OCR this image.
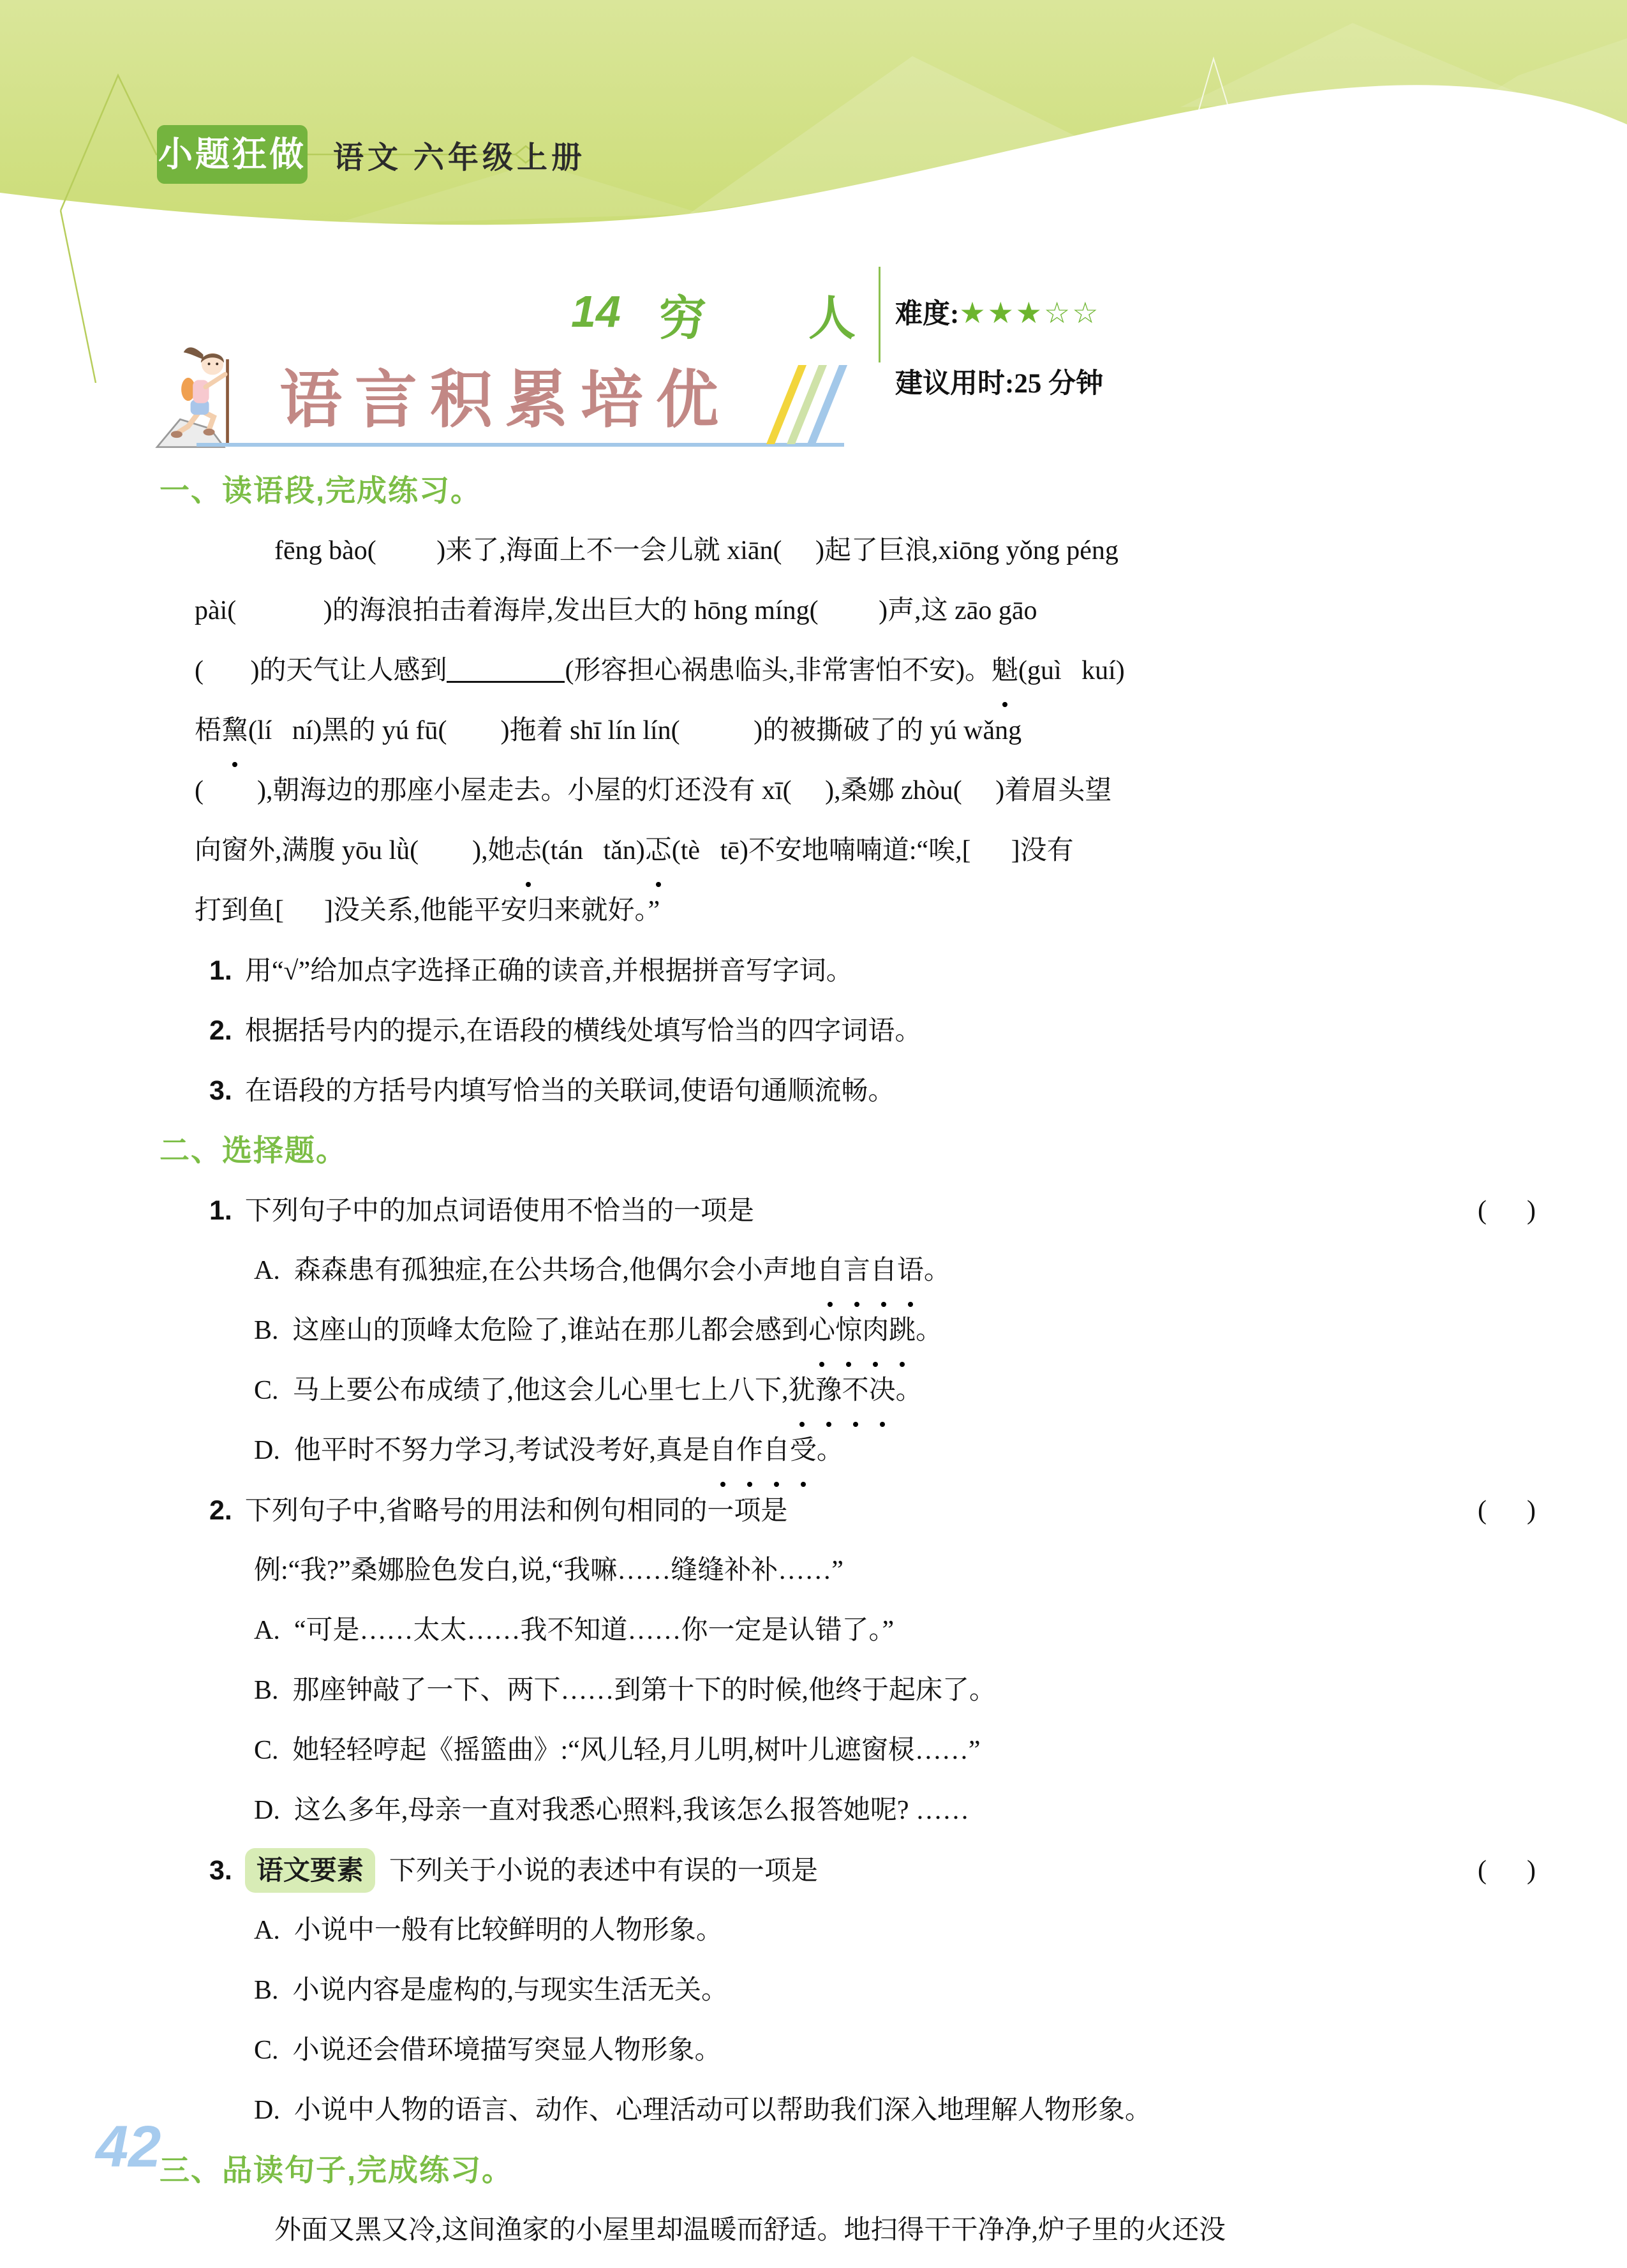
小题狂做 语文 六年级上册
14 穷 人

难度:★★★☆☆

建议用时:25 分钟

语言积累培优
一、读语段,完成练习。
fēng bào(         )来了,海面上不一会儿就 xiān(     )起了巨浪,xiōng yǒng péng
pài(             )的海浪拍击着海岸,发出巨大的 hōng míng(         )声,这 zāo gāo
(       )的天气让人感到	(形容担心祸患临头,非常害怕不安)。魁(guì   kuí)
梧黧(lí   ní)黑的 yú fū(        )拖着 shī lín lín(           )的被撕破了的 yú wǎng
(        ),朝海边的那座小屋走去。小屋的灯还没有 xī(     ),桑娜 zhòu(     )着眉头望
向窗外,满腹 yōu lǜ(        ),她忐(tán   tǎn)忑(tè   tē)不安地喃喃道:“唉,[      ]没有
打到鱼[      ]没关系,他能平安归来就好。”
1. 用“√”给加点字选择正确的读音,并根据拼音写字词。
2. 根据括号内的提示,在语段的横线处填写恰当的四字词语。
3. 在语段的方括号内填写恰当的关联词,使语句通顺流畅。
二、选择题。
1. 下列句子中的加点词语使用不恰当的一项是	(      )
A. 森森患有孤独症,在公共场合,他偶尔会小声地自言自语。
B. 这座山的顶峰太危险了,谁站在那儿都会感到心惊肉跳。
C. 马上要公布成绩了,他这会儿心里七上八下,犹豫不决。
D. 他平时不努力学习,考试没考好,真是自作自受。
2. 下列句子中,省略号的用法和例句相同的一项是	(      )
例:“我?”桑娜脸色发白,说,“我嘛……缝缝补补……”
A. “可是……太太……我不知道……你一定是认错了。”
B. 那座钟敲了一下、两下……到第十下的时候,他终于起床了。
C. 她轻轻哼起《摇篮曲》:“风儿轻,月儿明,树叶儿遮窗棂……”
D. 这么多年,母亲一直对我悉心照料,我该怎么报答她呢? ……
3. 语文要素 下列关于小说的表述中有误的一项是	(      )
A. 小说中一般有比较鲜明的人物形象。
B. 小说内容是虚构的,与现实生活无关。
C. 小说还会借环境描写突显人物形象。
D. 小说中人物的语言、动作、心理活动可以帮助我们深入地理解人物形象。
三、品读句子,完成练习。
外面又黑又冷,这间渔家的小屋里却温暖而舒适。地扫得干干净净,炉子里的火还没
42
